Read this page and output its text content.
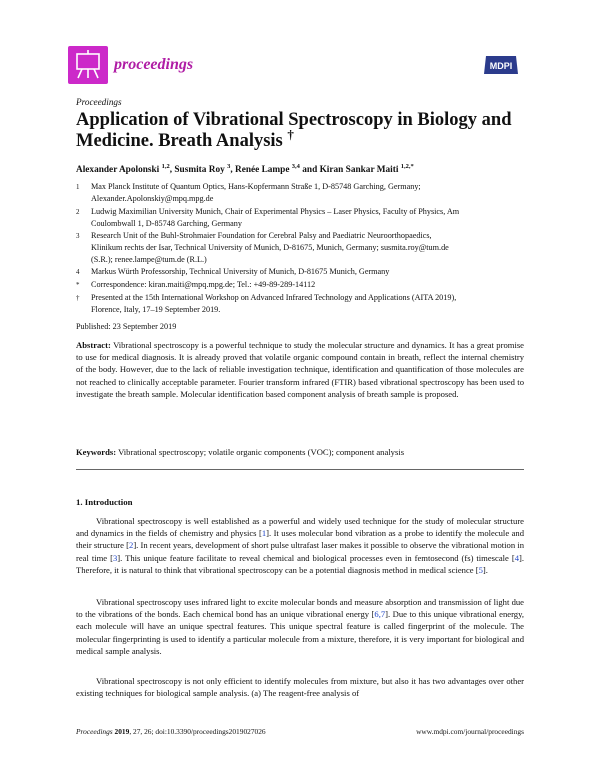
proceedings	MDPI
Proceedings
Application of Vibrational Spectroscopy in Biology and
Medicine. Breath Analysis †
Alexander Apolonski $^{1,2}$, Susmita Roy $^3$, Renée Lampe $^{3,4}$ and Kiran Sankar Maiti $^{1,2,*}$
1	Max Planck Institute of Quantum Optics, Hans-Kopfermann Straße 1, D-85748 Garching, Germany;
Alexander.Apolonskiy@mpq.mpg.de
2	Ludwig Maximilian University Munich, Chair of Experimental Physics – Laser Physics, Faculty of Physics, Am
Coulombwall 1, D-85748 Garching, Germany
3	Research Unit of the Buhl-Strohmaier Foundation for Cerebral Palsy and Paediatric Neuroorthopaedics,
Klinikum rechts der Isar, Technical University of Munich, D-81675, Munich, Germany; susmita.roy@tum.de
(S.R.); renee.lampe@tum.de (R.L.)
4	Markus Würth Professorship, Technical University of Munich, D-81675 Munich, Germany
*	Correspondence: kiran.maiti@mpq.mpg.de; Tel.: +49-89-289-14112
†	Presented at the 15th International Workshop on Advanced Infrared Technology and Applications (AITA 2019),
Florence, Italy, 17–19 September 2019.
Published: 23 September 2019
Abstract: Vibrational spectroscopy is a powerful technique to study the molecular structure and dynamics. It has a great promise to use for medical diagnosis. It is already proved that volatile organic compound contain in breath, reflect the internal chemistry of the body. However, due to the lack of reliable investigation technique, identification and quantification of those molecules are not reached to clinically acceptable parameter. Fourier transform infrared (FTIR) based vibrational spectroscopy has been used to investigate the breath sample. Molecular identification based component analysis of breath sample is proposed.
Keywords: Vibrational spectroscopy; volatile organic components (VOC); component analysis
1. Introduction
Vibrational spectroscopy is well established as a powerful and widely used technique for the study of molecular structure and dynamics in the fields of chemistry and physics [1]. It uses molecular bond vibration as a probe to identify the molecule and their structure [2]. In recent years, development of short pulse ultrafast laser makes it possible to observe the vibrational motion in real time [3]. This unique feature facilitate to reveal chemical and biological processes even in femtosecond (fs) timescale [4]. Therefore, it is natural to think that vibrational spectroscopy can be a potential diagnosis method in medical science [5].
Vibrational spectroscopy uses infrared light to excite molecular bonds and measure absorption and transmission of light due to the vibrations of the bonds. Each chemical bond has an unique vibrational energy [6,7]. Due to this unique vibrational energy, each molecule will have an unique spectral features. This unique spectral feature is called fingerprint of the molecule. The molecular fingerprinting is used to identify a particular molecule from a mixture, therefore, it is very important for biological and medical sample analysis.
Vibrational spectroscopy is not only efficient to identify molecules from mixture, but also it has two advantages over other existing techniques for biological sample analysis. (a) The reagent-free analysis of
Proceedings 2019, 27, 26; doi:10.3390/proceedings2019027026	www.mdpi.com/journal/proceedings
